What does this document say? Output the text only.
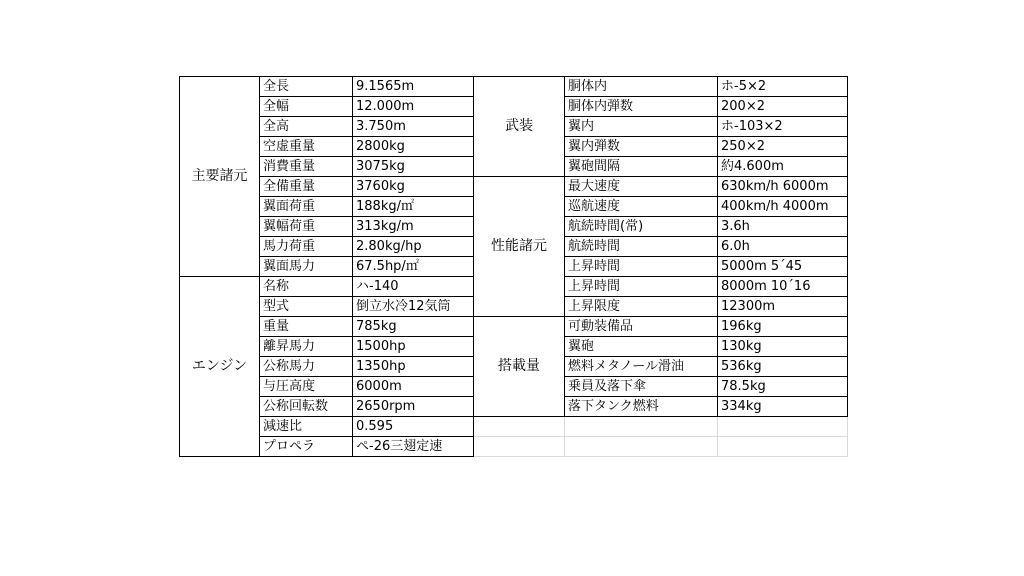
主要諸元	全長	9.1565m	武装	胴体内	ホ-5×2
	全幅	12.000m		胴体内弾数	200×2
	全高	3.750m		翼内	ホ-103×2
	空虚重量	2800kg		翼内弾数	250×2
	消費重量	3075kg		翼砲間隔	約4.600m
	全備重量	3760kg	性能諸元	最大速度	630km/h 6000m
	翼面荷重	188kg/㎡		巡航速度	400km/h 4000m
	翼幅荷重	313kg/m		航続時間(常)	3.6h
	馬力荷重	2.80kg/hp		航続時間	6.0h
	翼面馬力	67.5hp/㎡		上昇時間	5000m 5´45
エンジン	名称	ハ-140		上昇時間	8000m 10´16
	型式	倒立水冷12気筒		上昇限度	12300m
	重量	785kg	搭載量	可動装備品	196kg
	離昇馬力	1500hp		翼砲	130kg
	公称馬力	1350hp		燃料メタノール滑油	536kg
	与圧高度	6000m		乗員及落下傘	78.5kg
	公称回転数	2650rpm		落下タンク燃料	334kg
	減速比	0.595			
	プロペラ	ペ-26三翅定速			
